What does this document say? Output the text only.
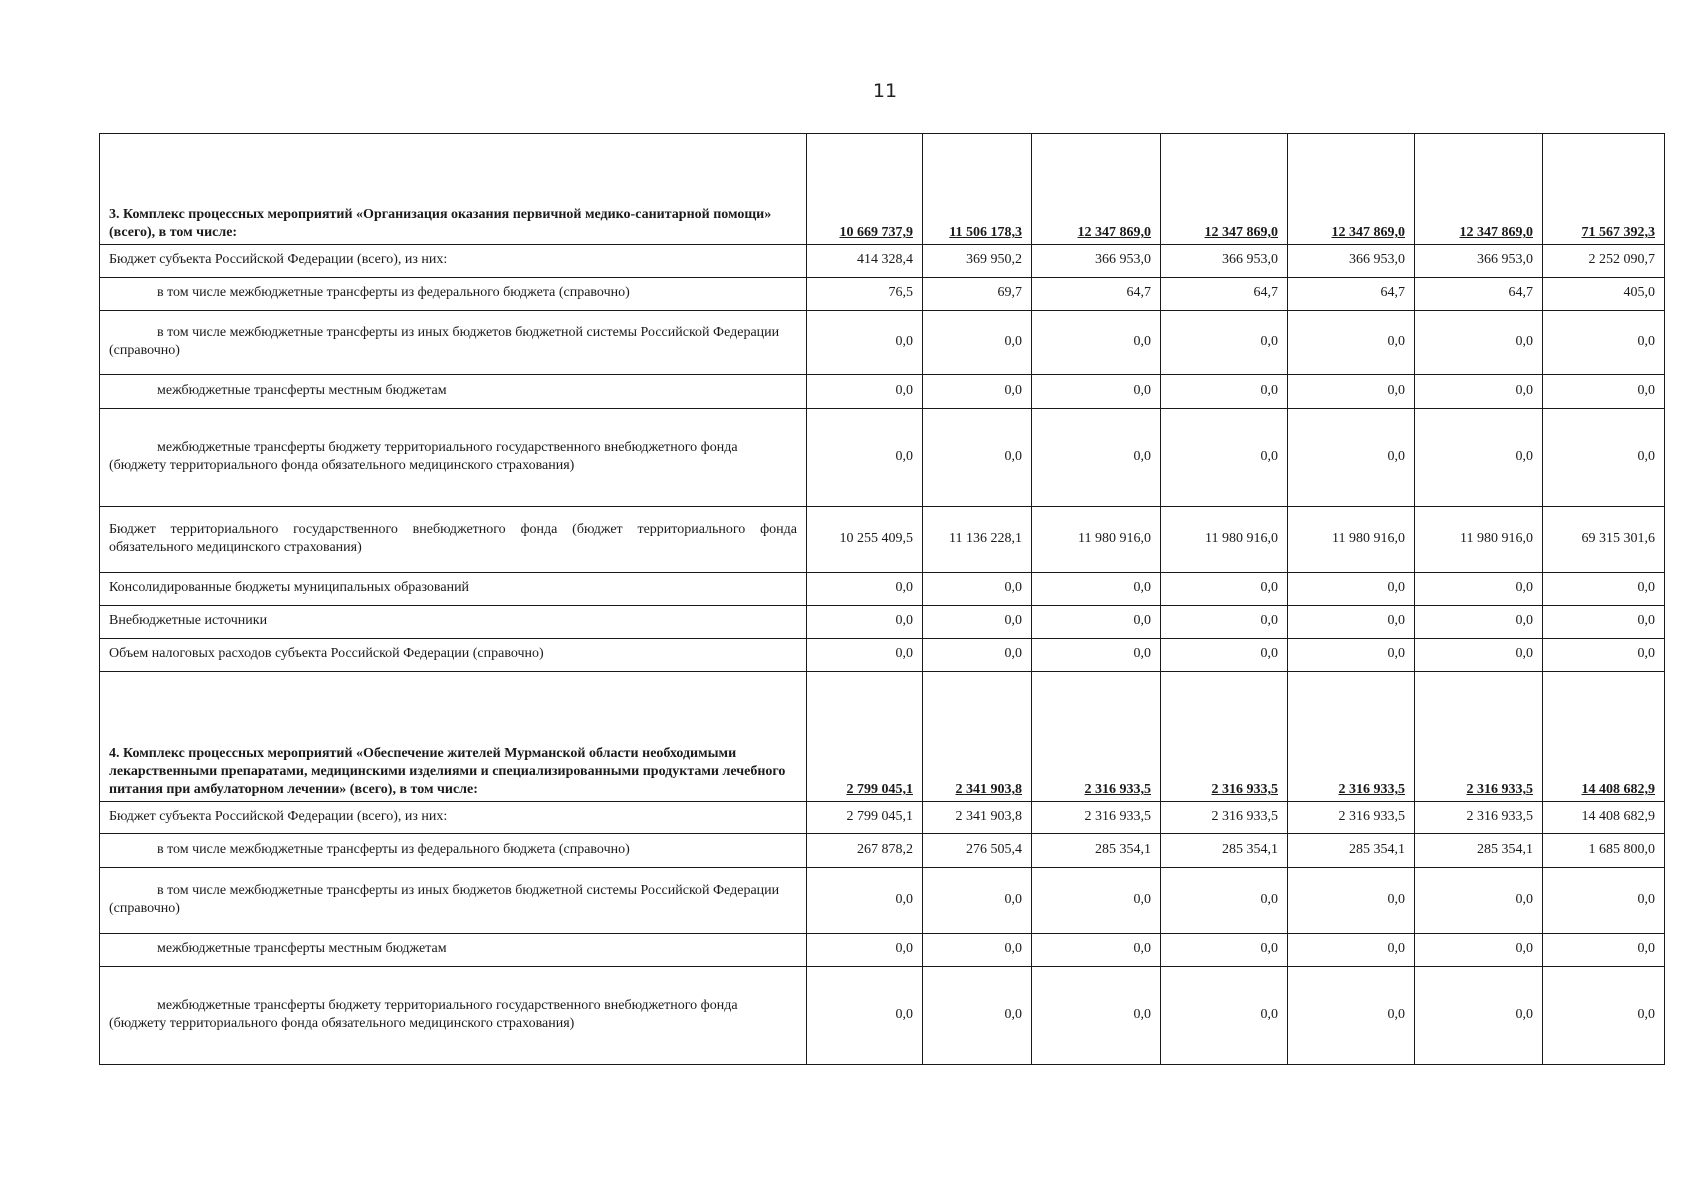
11
3. Комплекс процессных мероприятий «Организация оказания первичной медико-санитарной помощи» (всего), в том числе:	10 669 737,9	11 506 178,3	12 347 869,0	12 347 869,0	12 347 869,0	12 347 869,0	71 567 392,3
Бюджет субъекта Российской Федерации (всего), из них:	414 328,4	369 950,2	366 953,0	366 953,0	366 953,0	366 953,0	2 252 090,7
в том числе межбюджетные трансферты из федерального бюджета (справочно)	76,5	69,7	64,7	64,7	64,7	64,7	405,0
в том числе межбюджетные трансферты из иных бюджетов бюджетной системы Российской Федерации (справочно)	0,0	0,0	0,0	0,0	0,0	0,0	0,0
межбюджетные трансферты местным бюджетам	0,0	0,0	0,0	0,0	0,0	0,0	0,0
межбюджетные трансферты бюджету территориального государственного внебюджетного фонда (бюджету территориального фонда обязательного медицинского страхования)	0,0	0,0	0,0	0,0	0,0	0,0	0,0
Бюджет территориального государственного внебюджетного фонда (бюджет территориального фонда обязательного медицинского страхования)	10 255 409,5	11 136 228,1	11 980 916,0	11 980 916,0	11 980 916,0	11 980 916,0	69 315 301,6
Консолидированные бюджеты муниципальных образований	0,0	0,0	0,0	0,0	0,0	0,0	0,0
Внебюджетные источники	0,0	0,0	0,0	0,0	0,0	0,0	0,0
Объем налоговых расходов субъекта Российской Федерации (справочно)	0,0	0,0	0,0	0,0	0,0	0,0	0,0
4. Комплекс процессных мероприятий «Обеспечение жителей Мурманской области необходимыми лекарственными препаратами, медицинскими изделиями и специализированными продуктами лечебного питания при амбулаторном лечении» (всего), в том числе:	2 799 045,1	2 341 903,8	2 316 933,5	2 316 933,5	2 316 933,5	2 316 933,5	14 408 682,9
Бюджет субъекта Российской Федерации (всего), из них:	2 799 045,1	2 341 903,8	2 316 933,5	2 316 933,5	2 316 933,5	2 316 933,5	14 408 682,9
в том числе межбюджетные трансферты из федерального бюджета (справочно)	267 878,2	276 505,4	285 354,1	285 354,1	285 354,1	285 354,1	1 685 800,0
в том числе межбюджетные трансферты из иных бюджетов бюджетной системы Российской Федерации (справочно)	0,0	0,0	0,0	0,0	0,0	0,0	0,0
межбюджетные трансферты местным бюджетам	0,0	0,0	0,0	0,0	0,0	0,0	0,0
межбюджетные трансферты бюджету территориального государственного внебюджетного фонда (бюджету территориального фонда обязательного медицинского страхования)	0,0	0,0	0,0	0,0	0,0	0,0	0,0
